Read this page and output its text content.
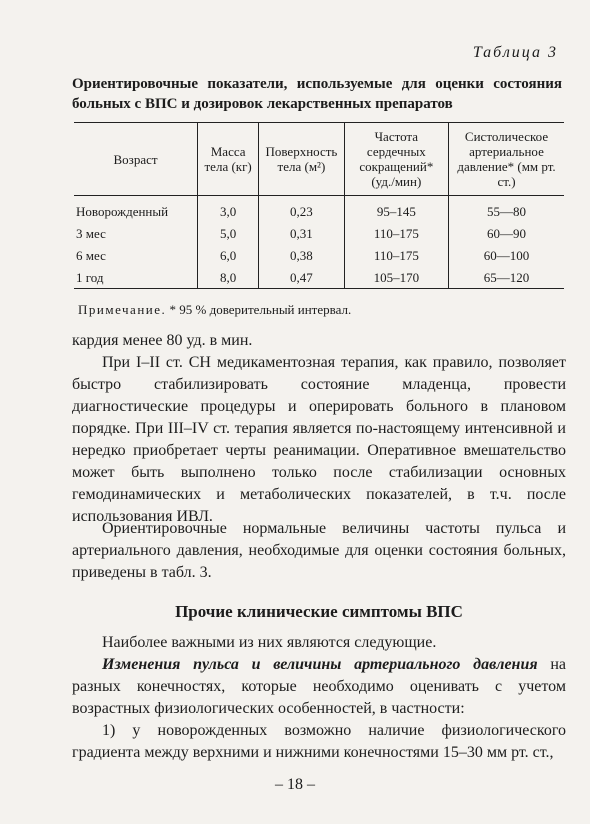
Таблица 3
Ориентировочные показатели, используемые для оценки состояния больных с ВПС и дозировок лекарственных препаратов
Возраст	Масса тела (кг)	Поверхность тела (м²)	Частота сердечных сокращений* (уд./мин)	Систолическое артериальное давление* (мм рт. ст.)
Новорожденный	3,0	0,23	95–145	55—80
3 мес	5,0	0,31	110–175	60—90
6 мес	6,0	0,38	110–175	60—100
1 год	8,0	0,47	105–170	65—120
Примечание. * 95 % доверительный интервал.
кардия менее 80 уд. в мин.
При I–II ст. СН медикаментозная терапия, как правило, позволяет быстро стабилизировать состояние младенца, провести диагностические процедуры и оперировать больного в плановом порядке. При III–IV ст. терапия является по-настоящему интенсивной и нередко приобретает черты реанимации. Оперативное вмешательство может быть выполнено только после стабилизации основных гемодинамических и метаболических показателей, в т.ч. после использования ИВЛ.
Ориентировочные нормальные величины частоты пульса и артериального давления, необходимые для оценки состояния больных, приведены в табл. 3.
Прочие клинические симптомы ВПС
Наиболее важными из них являются следующие.
Изменения пульса и величины артериального давления на разных конечностях, которые необходимо оценивать с учетом возрастных физиологических особенностей, в частности:
1) у новорожденных возможно наличие физиологического градиента между верхними и нижними конечностями 15–30 мм рт. ст.,
– 18 –
